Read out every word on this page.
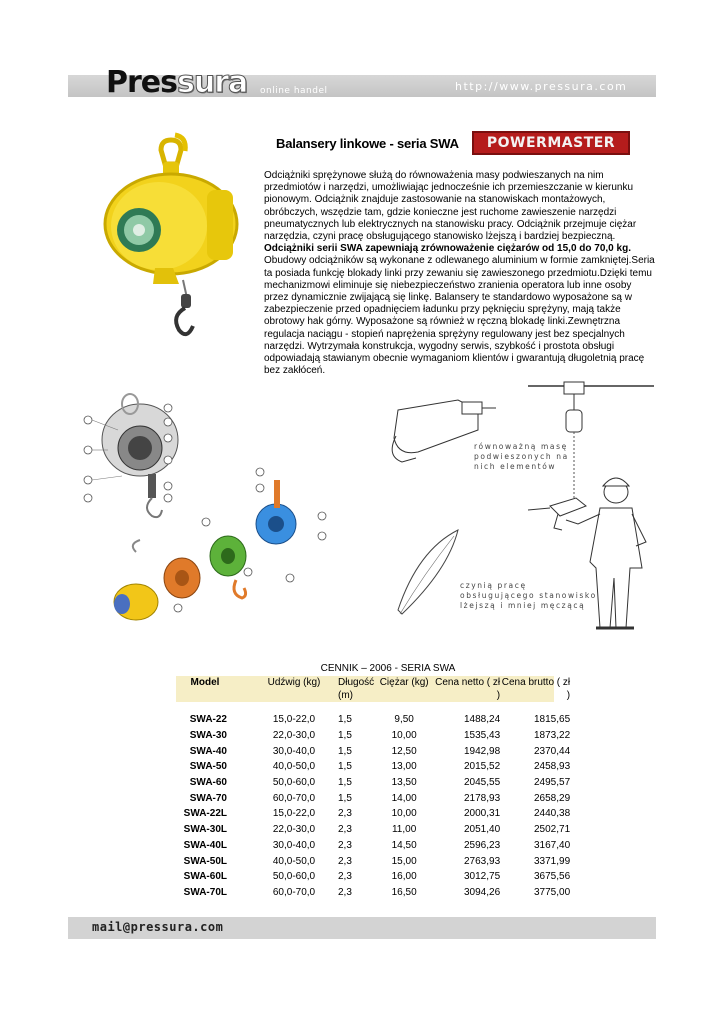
Pressura online handel	http://www.pressura.com
Balansery linkowe - seria SWA	POWERMASTER

Odciążniki sprężynowe służą do równoważenia masy podwieszanych na nim przedmiotów i narzędzi, umożliwiając jednocześnie ich przemieszczanie w kierunku pionowym. Odciążnik znajduje zastosowanie na stanowiskach montażowych, obróbczych, wszędzie tam, gdzie konieczne jest ruchome zawieszenie narzędzi pneumatycznych lub elektrycznych na stanowisku pracy. Odciążnik przejmuje ciężar narzędzia, czyni pracę obsługującego stanowisko lżejszą i bardziej bezpieczną.

Odciążniki serii SWA zapewniają zrównoważenie ciężarów od 15,0 do 70,0 kg.

Obudowy odciążników są wykonane z odlewanego aluminium w formie zamkniętej.Seria ta posiada funkcję blokady linki przy zewaniu się zawieszonego przedmiotu.Dzięki temu mechanizmowi eliminuje się niebezpieczeństwo zranienia operatora lub inne osoby przez dynamicznie zwijającą się linkę. Balansery te standardowo wyposażone są w zabezpieczenie przed opadnięciem ładunku przy pęknięciu sprężyny, mają także obrotowy hak górny. Wyposażone są również w ręczną blokadę linki.Zewnętrzna regulacja naciągu - stopień naprężenia sprężyny regulowany jest bez specjalnych narzędzi. Wytrzymała konstrukcja, wygodny serwis, szybkość i prostota obsługi odpowiadają stawianym obecnie wymaganiom klientów i gwarantują długoletnią pracę bez zakłóceń.

równoważną masę podwieszonych na nich elementów
czynią pracę obsługującego stanowisko lżejszą i mniej męczącą
CENNIK – 2006 - SERIA SWA
Model	Udźwig (kg)	Długość (m)	Ciężar (kg)	Cena netto ( zł )	Cena brutto ( zł )

SWA-22	15,0-22,0	1,5	9,50	1488,24	1815,65
SWA-30	22,0-30,0	1,5	10,00	1535,43	1873,22
SWA-40	30,0-40,0	1,5	12,50	1942,98	2370,44
SWA-50	40,0-50,0	1,5	13,00	2015,52	2458,93
SWA-60	50,0-60,0	1,5	13,50	2045,55	2495,57
SWA-70	60,0-70,0	1,5	14,00	2178,93	2658,29
SWA-22L	15,0-22,0	2,3	10,00	2000,31	2440,38
SWA-30L	22,0-30,0	2,3	11,00	2051,40	2502,71
SWA-40L	30,0-40,0	2,3	14,50	2596,23	3167,40
SWA-50L	40,0-50,0	2,3	15,00	2763,93	3371,99
SWA-60L	50,0-60,0	2,3	16,00	3012,75	3675,56
SWA-70L	60,0-70,0	2,3	16,50	3094,26	3775,00
mail@pressura.com
